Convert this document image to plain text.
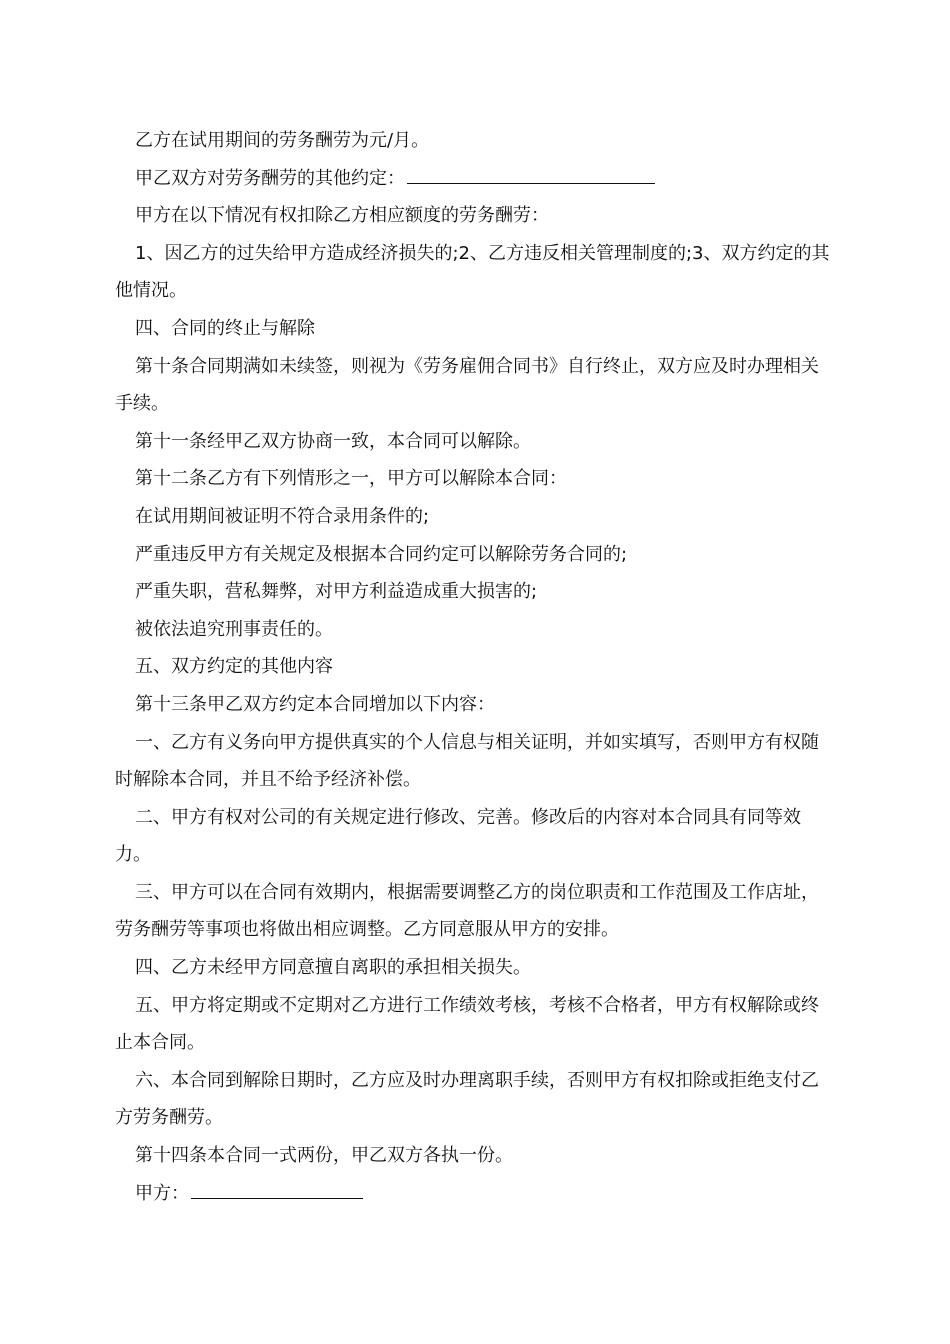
乙方在试用期间的劳务酬劳为元/月。

甲乙双方对劳务酬劳的其他约定：

甲方在以下情况有权扣除乙方相应额度的劳务酬劳：

1、因乙方的过失给甲方造成经济损失的;2、乙方违反相关管理制度的;3、双方约定的其他情况。

四、合同的终止与解除

第十条合同期满如未续签，则视为《劳务雇佣合同书》自行终止，双方应及时办理相关手续。

第十一条经甲乙双方协商一致，本合同可以解除。

第十二条乙方有下列情形之一，甲方可以解除本合同：

在试用期间被证明不符合录用条件的;

严重违反甲方有关规定及根据本合同约定可以解除劳务合同的;

严重失职，营私舞弊，对甲方利益造成重大损害的;

被依法追究刑事责任的。

五、双方约定的其他内容

第十三条甲乙双方约定本合同增加以下内容：

一、乙方有义务向甲方提供真实的个人信息与相关证明，并如实填写，否则甲方有权随时解除本合同，并且不给予经济补偿。

二、甲方有权对公司的有关规定进行修改、完善。修改后的内容对本合同具有同等效力。

三、甲方可以在合同有效期内，根据需要调整乙方的岗位职责和工作范围及工作店址，劳务酬劳等事项也将做出相应调整。乙方同意服从甲方的安排。

四、乙方未经甲方同意擅自离职的承担相关损失。

五、甲方将定期或不定期对乙方进行工作绩效考核，考核不合格者，甲方有权解除或终止本合同。

六、本合同到解除日期时，乙方应及时办理离职手续，否则甲方有权扣除或拒绝支付乙方劳务酬劳。

第十四条本合同一式两份，甲乙双方各执一份。

甲方：
